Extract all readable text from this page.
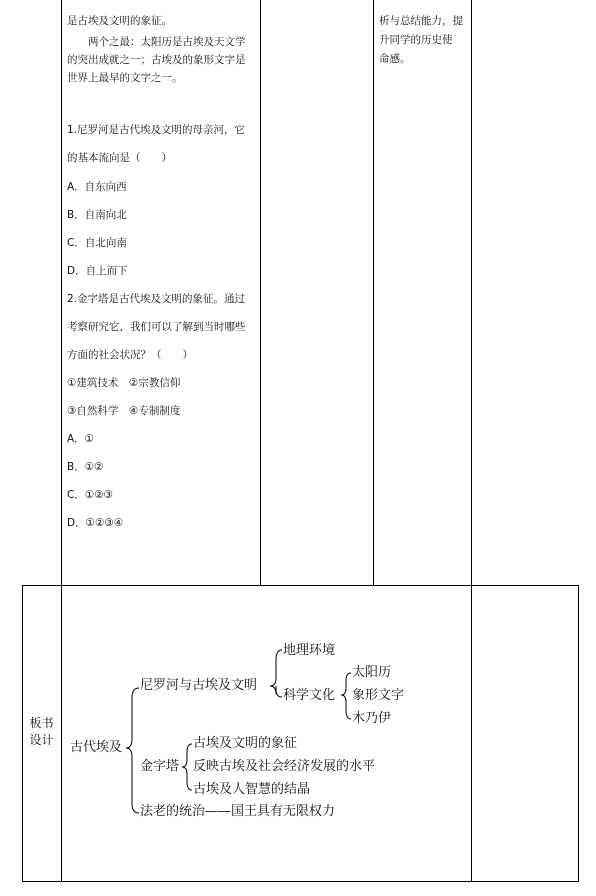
是古埃及文明的象征。
　　两个之最：太阳历是古埃及天文学
的突出成就之一；古埃及的象形文字是
世界上最早的文字之一。
1.尼罗河是古代埃及文明的母亲河，它
的基本流向是（　　）
A．自东向西
B．自南向北
C．自北向南
D．自上而下
2.金字塔是古代埃及文明的象征。通过
考察研究它，我们可以了解到当时哪些
方面的社会状况？（　　）
①建筑技术　②宗教信仰
③自然科学　④专制制度
A．①
B．①②
C．①②③
D．①②③④
析与总结能力，提
升同学的历史使
命感。
板书
设计	古代埃及
尼罗河与古埃及文明
地理环境
科学文化
太阳历
象形文字
木乃伊
金字塔
古埃及文明的象征
反映古埃及社会经济发展的水平
古埃及人智慧的结晶
法老的统治——国王具有无限权力
